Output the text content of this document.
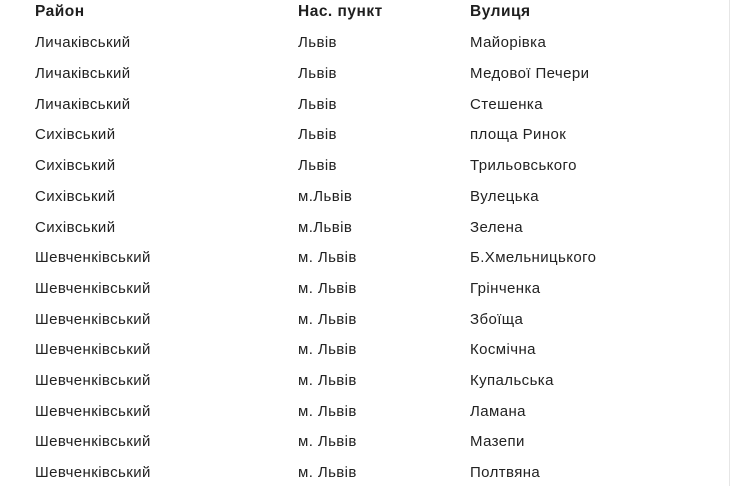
Район	Нас. пункт	Вулиця
Личаківський	Львів	Майорівка
Личаківський	Львів	Медової Печери
Личаківський	Львів	Стешенка
Сихівський	Львів	площа Ринок
Сихівський	Львів	Трильовського
Сихівський	м.Львів	Вулецька
Сихівський	м.Львів	Зелена
Шевченківський	м. Львів	Б.Хмельницького
Шевченківський	м. Львів	Грінченка
Шевченківський	м. Львів	Збоїща
Шевченківський	м. Львів	Космічна
Шевченківський	м. Львів	Купальська
Шевченківський	м. Львів	Ламана
Шевченківський	м. Львів	Мазепи
Шевченківський	м. Львів	Полтвяна
